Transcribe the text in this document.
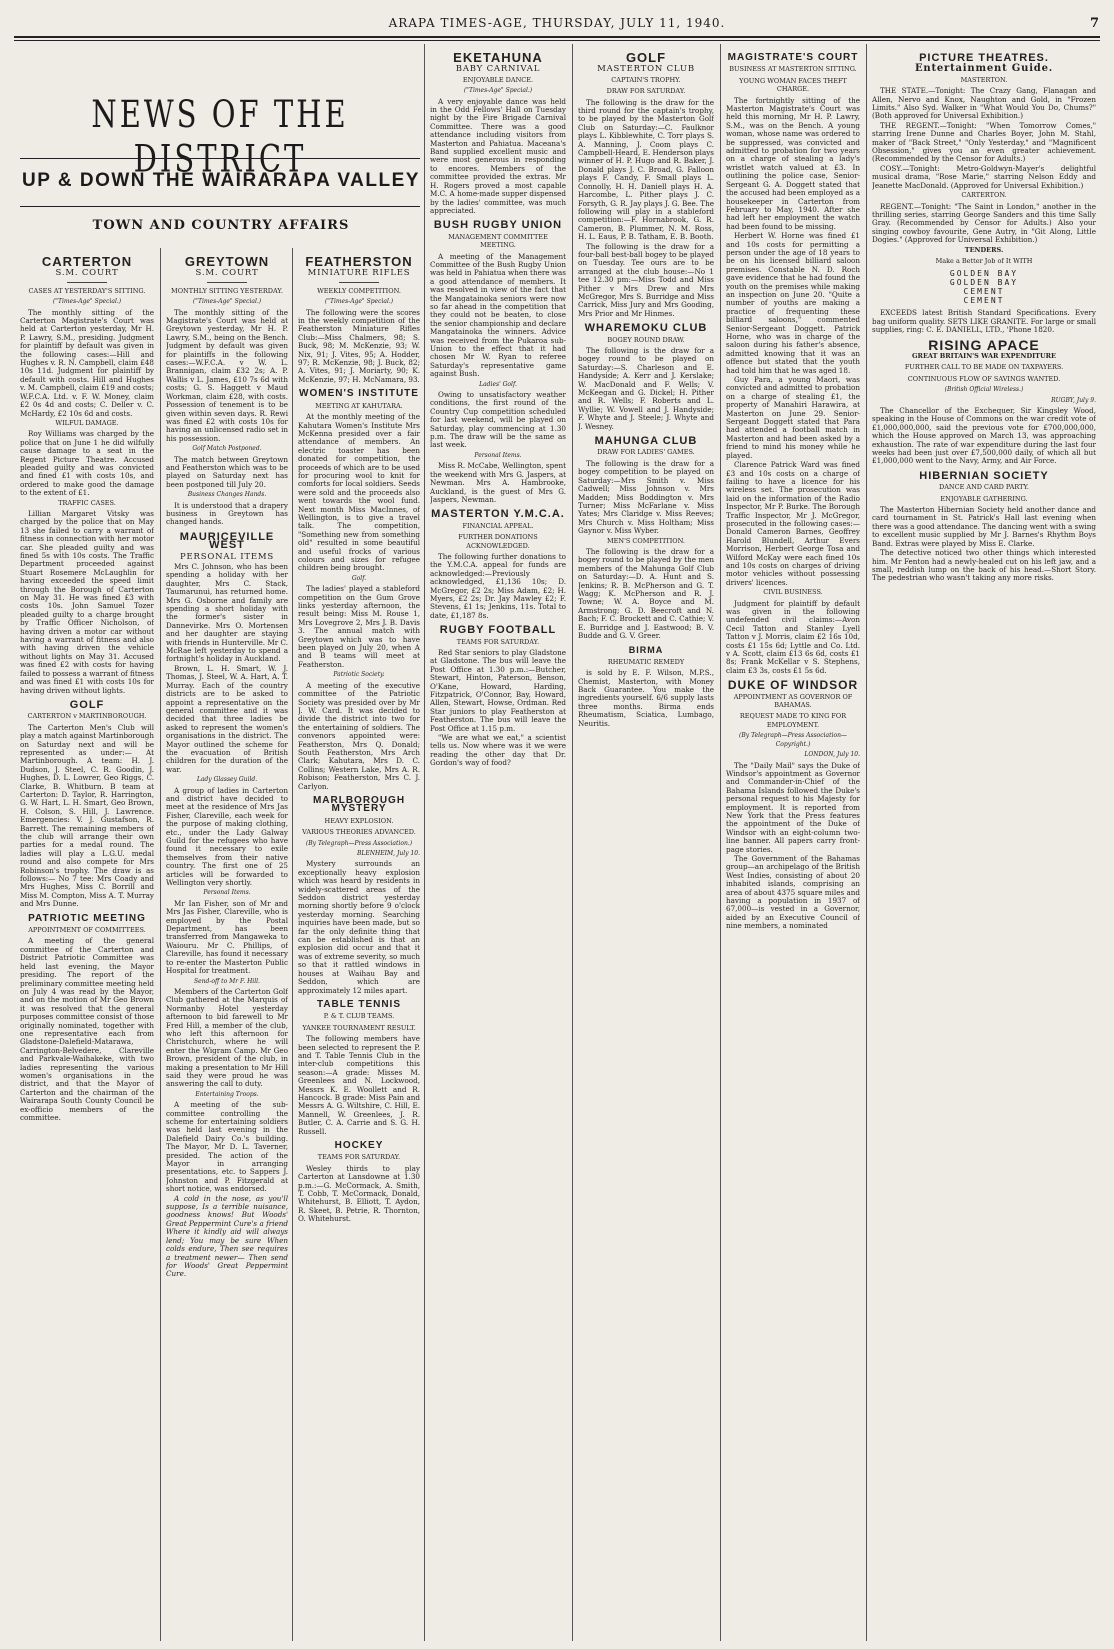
ARAPA TIMES-AGE, THURSDAY, JULY 11, 1940.	7
NEWS OF THE DISTRICT
UP & DOWN THE WAIRARAPA VALLEY
TOWN AND COUNTRY AFFAIRS
CARTERTON
S.M. COURT
CASES AT YESTERDAY'S SITTING.
("Times-Age" Special.)

The monthly sitting of the Carterton Magistrate's Court was held at Carterton yesterday, Mr H. P. Lawry, S.M., presiding. Judgment for plaintiff by default was given in the following cases:—Hill and Hughes v. R. N. Campbell, claim £48 10s 11d. Judgment for plaintiff by default with costs. Hill and Hughes v. M. Campbell, claim £19 and costs; W.F.C.A. Ltd. v. F. W. Money, claim £2 0s 4d and costs; C. Deller v. C. McHardy, £2 10s 6d and costs.

WILFUL DAMAGE.

Roy Williams was charged by the police that on June 1 he did wilfully cause damage to a seat in the Regent Picture Theatre. Accused pleaded guilty and was convicted and fined £1 with costs 10s, and ordered to make good the damage to the extent of £1.

TRAFFIC CASES.

Lillian Margaret Vitsky was charged by the police that on May 13 she failed to carry a warrant of fitness in connection with her motor car. She pleaded guilty and was fined 5s with 10s costs. The Traffic Department proceeded against Stuart Rosemere McLaughlin for having exceeded the speed limit through the Borough of Carterton on May 31. He was fined £3 with costs 10s. John Samuel Tozer pleaded guilty to a charge brought by Traffic Officer Nicholson, of having driven a motor car without having a warrant of fitness and also with having driven the vehicle without lights on May 31. Accused was fined £2 with costs for having failed to possess a warrant of fitness and was fined £1 with costs 10s for having driven without lights.

GOLF
CARTERTON v MARTINBOROUGH.

The Carterton Men's Club will play a match against Martinborough on Saturday next and will be represented as under:— At Martinborough. A team: H. J. Dudson, J. Steel, C. R. Goodin, J. Hughes, D. L. Lowrer, Geo Riggs, C. Clarke, B. Whitburn. B team at Carterton: D. Taylor, R. Harrington, G. W. Hart, L. H. Smart, Geo Brown, H. Colson, S. Hill, J. Lawrence. Emergencies: V. J. Gustafson, R. Barrett. The remaining members of the club will arrange their own parties for a medal round. The ladies will play a L.G.U. medal round and also compete for Mrs Robinson's trophy. The draw is as follows:— No 7 tee: Mrs Coady and Mrs Hughes, Miss C. Borrill and Miss M. Compton, Miss A. T. Murray and Mrs Dunne.

PATRIOTIC MEETING
APPOINTMENT OF COMMITTEES.

A meeting of the general committee of the Carterton and District Patriotic Committee was held last evening, the Mayor presiding. The report of the preliminary committee meeting held on July 4 was read by the Mayor, and on the motion of Mr Geo Brown it was resolved that the general purposes committee consist of those originally nominated, together with one representative each from Gladstone-Dalefield-Matarawa, Carrington-Belvedere, Clareville and Parkvale-Waihakeke, with two ladies representing the various women's organisations in the district, and that the Mayor of Carterton and the chairman of the Wairarapa South County Council be ex-officio members of the committee.

GREYTOWN
S.M. COURT
MONTHLY SITTING YESTERDAY.
("Times-Age" Special.)

The monthly sitting of the Magistrate's Court was held at Greytown yesterday, Mr H. P. Lawry, S.M., being on the Bench. Judgment by default was given for plaintiffs in the following cases:—W.F.C.A. v W. L. Brannigan, claim £32 2s; A. P. Wallis v L. James, £10 7s 6d with costs; G. S. Haggett v Maud Workman, claim £28, with costs. Possession of tenement is to be given within seven days. R. Rewi was fined £2 with costs 10s for having an unlicensed radio set in his possession.

Golf Match Postponed.

The match between Greytown and Featherston which was to be played on Saturday next has been postponed till July 20.

Business Changes Hands.

It is understood that a drapery business in Greytown has changed hands.

MAURICEVILLE WEST
PERSONAL ITEMS

Mrs C. Johnson, who has been spending a holiday with her daughter, Mrs C. Stack, Taumarunui, has returned home. Mrs G. Osborne and family are spending a short holiday with the former's sister in Dannevirke. Mrs O. Mortensen and her daughter are staying with friends in Hunterville. Mr C. McRae left yesterday to spend a fortnight's holiday in Auckland.

Brown, L. H. Smart, W. J. Thomas, J. Steel, W. A. Hart, A. T. Murray. Each of the country districts are to be asked to appoint a representative on the general committee and it was decided that three ladies be asked to represent the women's organisations in the district. The Mayor outlined the scheme for the evacuation of British children for the duration of the war.

Lady Glassey Guild.

A group of ladies in Carterton and district have decided to meet at the residence of Mrs Jas Fisher, Clareville, each week for the purpose of making clothing, etc., under the Lady Galway Guild for the refugees who have found it necessary to exile themselves from their native country. The first one of 25 articles will be forwarded to Wellington very shortly.

Personal Items.

Mr Ian Fisher, son of Mr and Mrs Jas Fisher, Clareville, who is employed by the Postal Department, has been transferred from Mangaweka to Waiouru. Mr C. Phillips, of Clareville, has found it necessary to re-enter the Masterton Public Hospital for treatment.

Send-off to Mr F. Hill.

Members of the Carterton Golf Club gathered at the Marquis of Normanby Hotel yesterday afternoon to bid farewell to Mr Fred Hill, a member of the club, who left this afternoon for Christchurch, where he will enter the Wigram Camp. Mr Geo Brown, president of the club, in making a presentation to Mr Hill said they were proud he was answering the call to duty.

Entertaining Troops.

A meeting of the sub-committee controlling the scheme for entertaining soldiers was held last evening in the Dalefield Dairy Co.'s building. The Mayor, Mr D. L. Taverner, presided. The action of the Mayor in arranging presentations, etc. to Sappers J. Johnston and P. Fitzgerald at short notice, was endorsed.

A cold in the nose, as you'll suppose, Is a terrible nuisance, goodness knows! But Woods' Great Peppermint Cure's a friend Where it kindly aid will always lend; You may be sure When colds endure, Then see requires a treatment newer— Then send for Woods' Great Peppermint Cure.

FEATHERSTON
MINIATURE RIFLES
WEEKLY COMPETITION.
("Times-Age" Special.)

The following were the scores in the weekly competition of the Featherston Miniature Rifles Club:—Miss Chalmers, 98; S. Buck, 98; M. McKenzie, 93; W. Nix, 91; J. Vites, 95; A. Hodder, 97; R. McKenzie, 98; J. Buck, 82; A. Vites, 91; J. Moriarty, 90; K. McKenzie, 97; H. McNamara, 93.

WOMEN'S INSTITUTE
MEETING AT KAHUTARA.

At the monthly meeting of the Kahutara Women's Institute Mrs McKenna presided over a fair attendance of members. An electric toaster has been donated for competition, the proceeds of which are to be used for procuring wool to knit for comforts for local soldiers. Seeds were sold and the proceeds also went towards the wool fund. Next month Miss MacInnes, of Wellington, is to give a travel talk. The competition, "Something new from something old" resulted in some beautiful and useful frocks of various colours and sizes for refugee children being brought.

Golf.

The ladies' played a stableford competition on the Gum Grove links yesterday afternoon, the result being: Miss M. Rouse 1, Mrs Lovegrove 2, Mrs J. B. Davis 3. The annual match with Greytown which was to have been played on July 20, when A and B teams will meet at Featherston.

Patriotic Society.

A meeting of the executive committee of the Patriotic Society was presided over by Mr J. W. Card. It was decided to divide the district into two for the entertaining of soldiers. The convenors appointed were: Featherston, Mrs Q. Donald; South Featherston, Mrs Arch Clark; Kahutara, Mrs D. C. Collins; Western Lake, Mrs A. R. Robison; Featherston, Mrs C. J. Carlyon.

MARLBOROUGH MYSTERY
HEAVY EXPLOSION.
VARIOUS THEORIES ADVANCED.
(By Telegraph—Press Association.)
BLENHEIM, July 10.

Mystery surrounds an exceptionally heavy explosion which was heard by residents in widely-scattered areas of the Seddon district yesterday morning shortly before 9 o'clock yesterday morning. Searching inquiries have been made, but so far the only definite thing that can be established is that an explosion did occur and that it was of extreme severity, so much so that it rattled windows in houses at Waihau Bay and Seddon, which are approximately 12 miles apart.

TABLE TENNIS
P. & T. CLUB TEAMS.
YANKEE TOURNAMENT RESULT.

The following members have been selected to represent the P. and T. Table Tennis Club in the inter-club competitions this season:—A grade: Misses M. Greenlees and N. Lockwood, Messrs K. E. Woollett and R. Hancock. B grade: Miss Pain and Messrs A. G. Wiltshire, C. Hill, E. Mannell, W. Greenlees, J. R. Butler, C. A. Carrie and S. G. H. Russell.

HOCKEY
TEAMS FOR SATURDAY.

Wesley thirds to play Carterton at Lansdowne at 1.30 p.m.:—G. McCormack, A. Smith, T. Cobb, T. McCormack, Donald, Whitehurst, B. Elliott, T. Aydon, R. Skeet, B. Petrie, R. Thornton, O. Whitehurst.

EKETAHUNA
BABY CARNIVAL
ENJOYABLE DANCE.
("Times-Age" Special.)

A very enjoyable dance was held in the Odd Fellows' Hall on Tuesday night by the Fire Brigade Carnival Committee. There was a good attendance including visitors from Masterton and Pahiatua. Maceana's Band supplied excellent music and were most generous in responding to encores. Members of the committee provided the extras. Mr H. Rogers proved a most capable M.C. A home-made supper dispensed by the ladies' committee, was much appreciated.

BUSH RUGBY UNION
MANAGEMENT COMMITTEE MEETING.

A meeting of the Management Committee of the Bush Rugby Union was held in Pahiatua when there was a good attendance of members. It was resolved in view of the fact that the Mangatainoka seniors were now so far ahead in the competition that they could not be beaten, to close the senior championship and declare Mangatainoka the winners. Advice was received from the Pukaroa sub-Union to the effect that it had chosen Mr W. Ryan to referee Saturday's representative game against Bush.

Ladies' Golf.

Owing to unsatisfactory weather conditions, the first round of the Country Cup competition scheduled for last weekend, will be played on Saturday, play commencing at 1.30 p.m. The draw will be the same as last week.

Personal Items.

Miss R. McCabe, Wellington, spent the weekend with Mrs G. Jaspers, at Newman. Mrs A. Hambrooke, Auckland, is the guest of Mrs G. Jaspers, Newman.

MASTERTON Y.M.C.A.
FINANCIAL APPEAL.
FURTHER DONATIONS ACKNOWLEDGED.

The following further donations to the Y.M.C.A. appeal for funds are acknowledged:—Previously acknowledged, £1,136 10s; D. McGregor, £2 2s; Miss Adam, £2; H. Myers, £2 2s; Dr. Jay Mawley £2; F. Stevens, £1 1s; Jenkins, 11s. Total to date, £1,187 8s.

RUGBY FOOTBALL
TEAMS FOR SATURDAY.

Red Star seniors to play Gladstone at Gladstone. The bus will leave the Post Office at 1.30 p.m.:—Butcher, Stewart, Hinton, Paterson, Benson, O'Kane, Howard, Harding, Fitzpatrick, O'Connor, Bay, Howard, Allen, Stewart, Howse, Ordman. Red Star juniors to play Featherston at Featherston. The bus will leave the Post Office at 1.15 p.m.

"We are what we eat," a scientist tells us. Now where was it we were reading the other day that Dr. Gordon's way of food?

GOLF
MASTERTON CLUB
CAPTAIN'S TROPHY.
DRAW FOR SATURDAY.

The following is the draw for the third round for the captain's trophy, to be played by the Masterton Golf Club on Saturday:—C. Faulknor plays L. Kibblewhite, C. Torr plays S. A. Manning, J. Coom plays C. Campbell-Heard, E. Henderson plays winner of H. P. Hugo and R. Baker, J. Donald plays J. C. Broad, G. Falloon plays F. Candy, F. Small plays L. Connolly, H. H. Daniell plays H. A. Harcombe, L. Pither plays J. C. Forsyth, G. R. Jay plays J. G. Bee. The following will play in a stableford competition:—F. Hornabrook, G. R. Cameron, B. Plummer, N. M. Ross, H. L. Eaus, P. B. Tatham, E. B. Booth.

The following is the draw for a four-ball best-ball bogey to be played on Tuesday. Tee ours are to be arranged at the club house:—No 1 tee 12.30 pm:—Miss Todd and Miss Pither v Mrs Drew and Mrs McGregor, Mrs S. Burridge and Miss Carrick, Miss Jury and Mrs Gooding, Mrs Prior and Mr Hinmes.

WHAREMOKU CLUB
BOGEY ROUND DRAW.

The following is the draw for a bogey round to be played on Saturday:—S. Charleson and E. Handyside; A. Kerr and J. Kerslake; W. MacDonald and F. Wells; V. McKeegan and G. Dickel; H. Pither and R. Wells; F. Roberts and L. Wyllie; W. Vowell and J. Handyside; F. Whyte and J. Steele; J. Whyte and J. Wesney.

MAHUNGA CLUB
DRAW FOR LADIES' GAMES.

The following is the draw for a bogey competition to be played on Saturday:—Mrs Smith v. Miss Cadwell; Miss Johnson v. Mrs Madden; Miss Boddington v. Mrs Turner; Miss McFarlane v. Miss Yates; Mrs Claridge v. Miss Reeves; Mrs Church v. Miss Holtham; Miss Gaynor v. Miss Wyber.

MEN'S COMPETITION.

The following is the draw for a bogey round to be played by the men members of the Mahunga Golf Club on Saturday:—D. A. Hunt and S. Jenkins; R. B. McPherson and G. T. Wagg; K. McPherson and R. J. Towne; W. A. Boyce and M. Armstrong; G. D. Beecroft and N. Bach; F. C. Brockett and C. Cathie; V. E. Burridge and J. Eastwood; B. V. Budde and G. V. Greer.

BIRMA
RHEUMATIC REMEDY

is sold by E. F. Wilson, M.P.S., Chemist, Masterton, with Money Back Guarantee. You make the ingredients yourself. 6/6 supply lasts three months. Birma ends Rheumatism, Sciatica, Lumbago, Neuritis.

MAGISTRATE'S COURT
BUSINESS AT MASTERTON SITTING.
YOUNG WOMAN FACES THEFT CHARGE.

The fortnightly sitting of the Masterton Magistrate's Court was held this morning, Mr H. P. Lawry, S.M., was on the Bench. A young woman, whose name was ordered to be suppressed, was convicted and admitted to probation for two years on a charge of stealing a lady's wristlet watch valued at £3. In outlining the police case, Senior-Sergeant G. A. Doggett stated that the accused had been employed as a housekeeper in Carterton from February to May, 1940. After she had left her employment the watch had been found to be missing.

Herbert W. Horne was fined £1 and 10s costs for permitting a person under the age of 18 years to be on his licensed billiard saloon premises. Constable N. D. Roch gave evidence that he had found the youth on the premises while making an inspection on June 20. "Quite a number of youths are making a practice of frequenting these billiard saloons," commented Senior-Sergeant Doggett. Patrick Horne, who was in charge of the saloon during his father's absence, admitted knowing that it was an offence but stated that the youth had told him that he was aged 18.

Guy Para, a young Maori, was convicted and admitted to probation on a charge of stealing £1, the property of Manahiri Harawira, at Masterton on June 29. Senior-Sergeant Doggett stated that Para had attended a football match in Masterton and had been asked by a friend to mind his money while he played.

Clarence Patrick Ward was fined £3 and 10s costs on a charge of failing to have a licence for his wireless set. The prosecution was laid on the information of the Radio Inspector, Mr P. Burke. The Borough Traffic Inspector, Mr J. McGregor, prosecuted in the following cases:—Donald Cameron Barnes, Geoffrey Harold Blundell, Arthur Evers Morrison, Herbert George Tosa and Wilford McKay were each fined 10s and 10s costs on charges of driving motor vehicles without possessing drivers' licences.

CIVIL BUSINESS.

Judgment for plaintiff by default was given in the following undefended civil claims:—Avon Cecil Tatton and Stanley Lyell Tatton v J. Morris, claim £2 16s 10d, costs £1 15s 6d; Lyttle and Co. Ltd. v A. Scott, claim £13 6s 6d, costs £1 8s; Frank McKellar v S. Stephens, claim £3 3s, costs £1 5s 6d.

DUKE OF WINDSOR
APPOINTMENT AS GOVERNOR OF BAHAMAS.
REQUEST MADE TO KING FOR EMPLOYMENT.
(By Telegraph—Press Association—Copyright.)
LONDON, July 10.

The "Daily Mail" says the Duke of Windsor's appointment as Governor and Commander-in-Chief of the Bahama Islands followed the Duke's personal request to his Majesty for employment. It is reported from New York that the Press features the appointment of the Duke of Windsor with an eight-column two-line banner. All papers carry front-page stories.

The Government of the Bahamas group—an archipelago of the British West Indies, consisting of about 20 inhabited islands, comprising an area of about 4375 square miles and having a population in 1937 of 67,000—is vested in a Governor, aided by an Executive Council of nine members, a nominated

PICTURE THEATRES.
Entertainment Guide.
MASTERTON.

THE STATE.—Tonight: The Crazy Gang, Flanagan and Allen, Nervo and Knox, Naughton and Gold, in "Frozen Limits." Also Syd. Walker in "What Would You Do, Chums?" (Both approved for Universal Exhibition.)

THE REGENT.—Tonight: "When Tomorrow Comes," starring Irene Dunne and Charles Boyer, John M. Stahl, maker of "Back Street," "Only Yesterday," and "Magnificent Obsession," gives you an even greater achievement. (Recommended by the Censor for Adults.)

COSY.—Tonight: Metro-Goldwyn-Mayer's delightful musical drama, "Rose Marie," starring Nelson Eddy and Jeanette MacDonald. (Approved for Universal Exhibition.)

CARTERTON.

REGENT.—Tonight: "The Saint in London," another in the thrilling series, starring George Sanders and this time Sally Gray. (Recommended by Censor for Adults.) Also your singing cowboy favourite, Gene Autry, in "Git Along, Little Dogies." (Approved for Universal Exhibition.)

TENDERS.
Make a Better Job of It WITH
GOLDEN BAY
GOLDEN BAY
CEMENT
CEMENT

EXCEEDS latest British Standard Specifications. Every bag uniform quality. SETS LIKE GRANITE. For large or small supplies, ring: C. E. DANIELL, LTD., 'Phone 1820.

RISING APACE
GREAT BRITAIN'S WAR EXPENDITURE
FURTHER CALL TO BE MADE ON TAXPAYERS.
CONTINUOUS FLOW OF SAVINGS WANTED.
(British Official Wireless.)
RUGBY, July 9.

The Chancellor of the Exchequer, Sir Kingsley Wood, speaking in the House of Commons on the war credit vote of £1,000,000,000, said the previous vote for £700,000,000, which the House approved on March 13, was approaching exhaustion. The rate of war expenditure during the last four weeks had been just over £7,500,000 daily, of which all but £1,000,000 went to the Navy, Army, and Air Force.

HIBERNIAN SOCIETY
DANCE AND CARD PARTY.
ENJOYABLE GATHERING.

The Masterton Hibernian Society held another dance and card tournament in St. Patrick's Hall last evening when there was a good attendance. The dancing went with a swing to excellent music supplied by Mr J. Barnes's Rhythm Boys Band. Extras were played by Miss E. Clarke.

The detective noticed two other things which interested him. Mr Fenton had a newly-healed cut on his left jaw, and a small, reddish lump on the back of his head.—Short Story. The pedestrian who wasn't taking any more risks.
